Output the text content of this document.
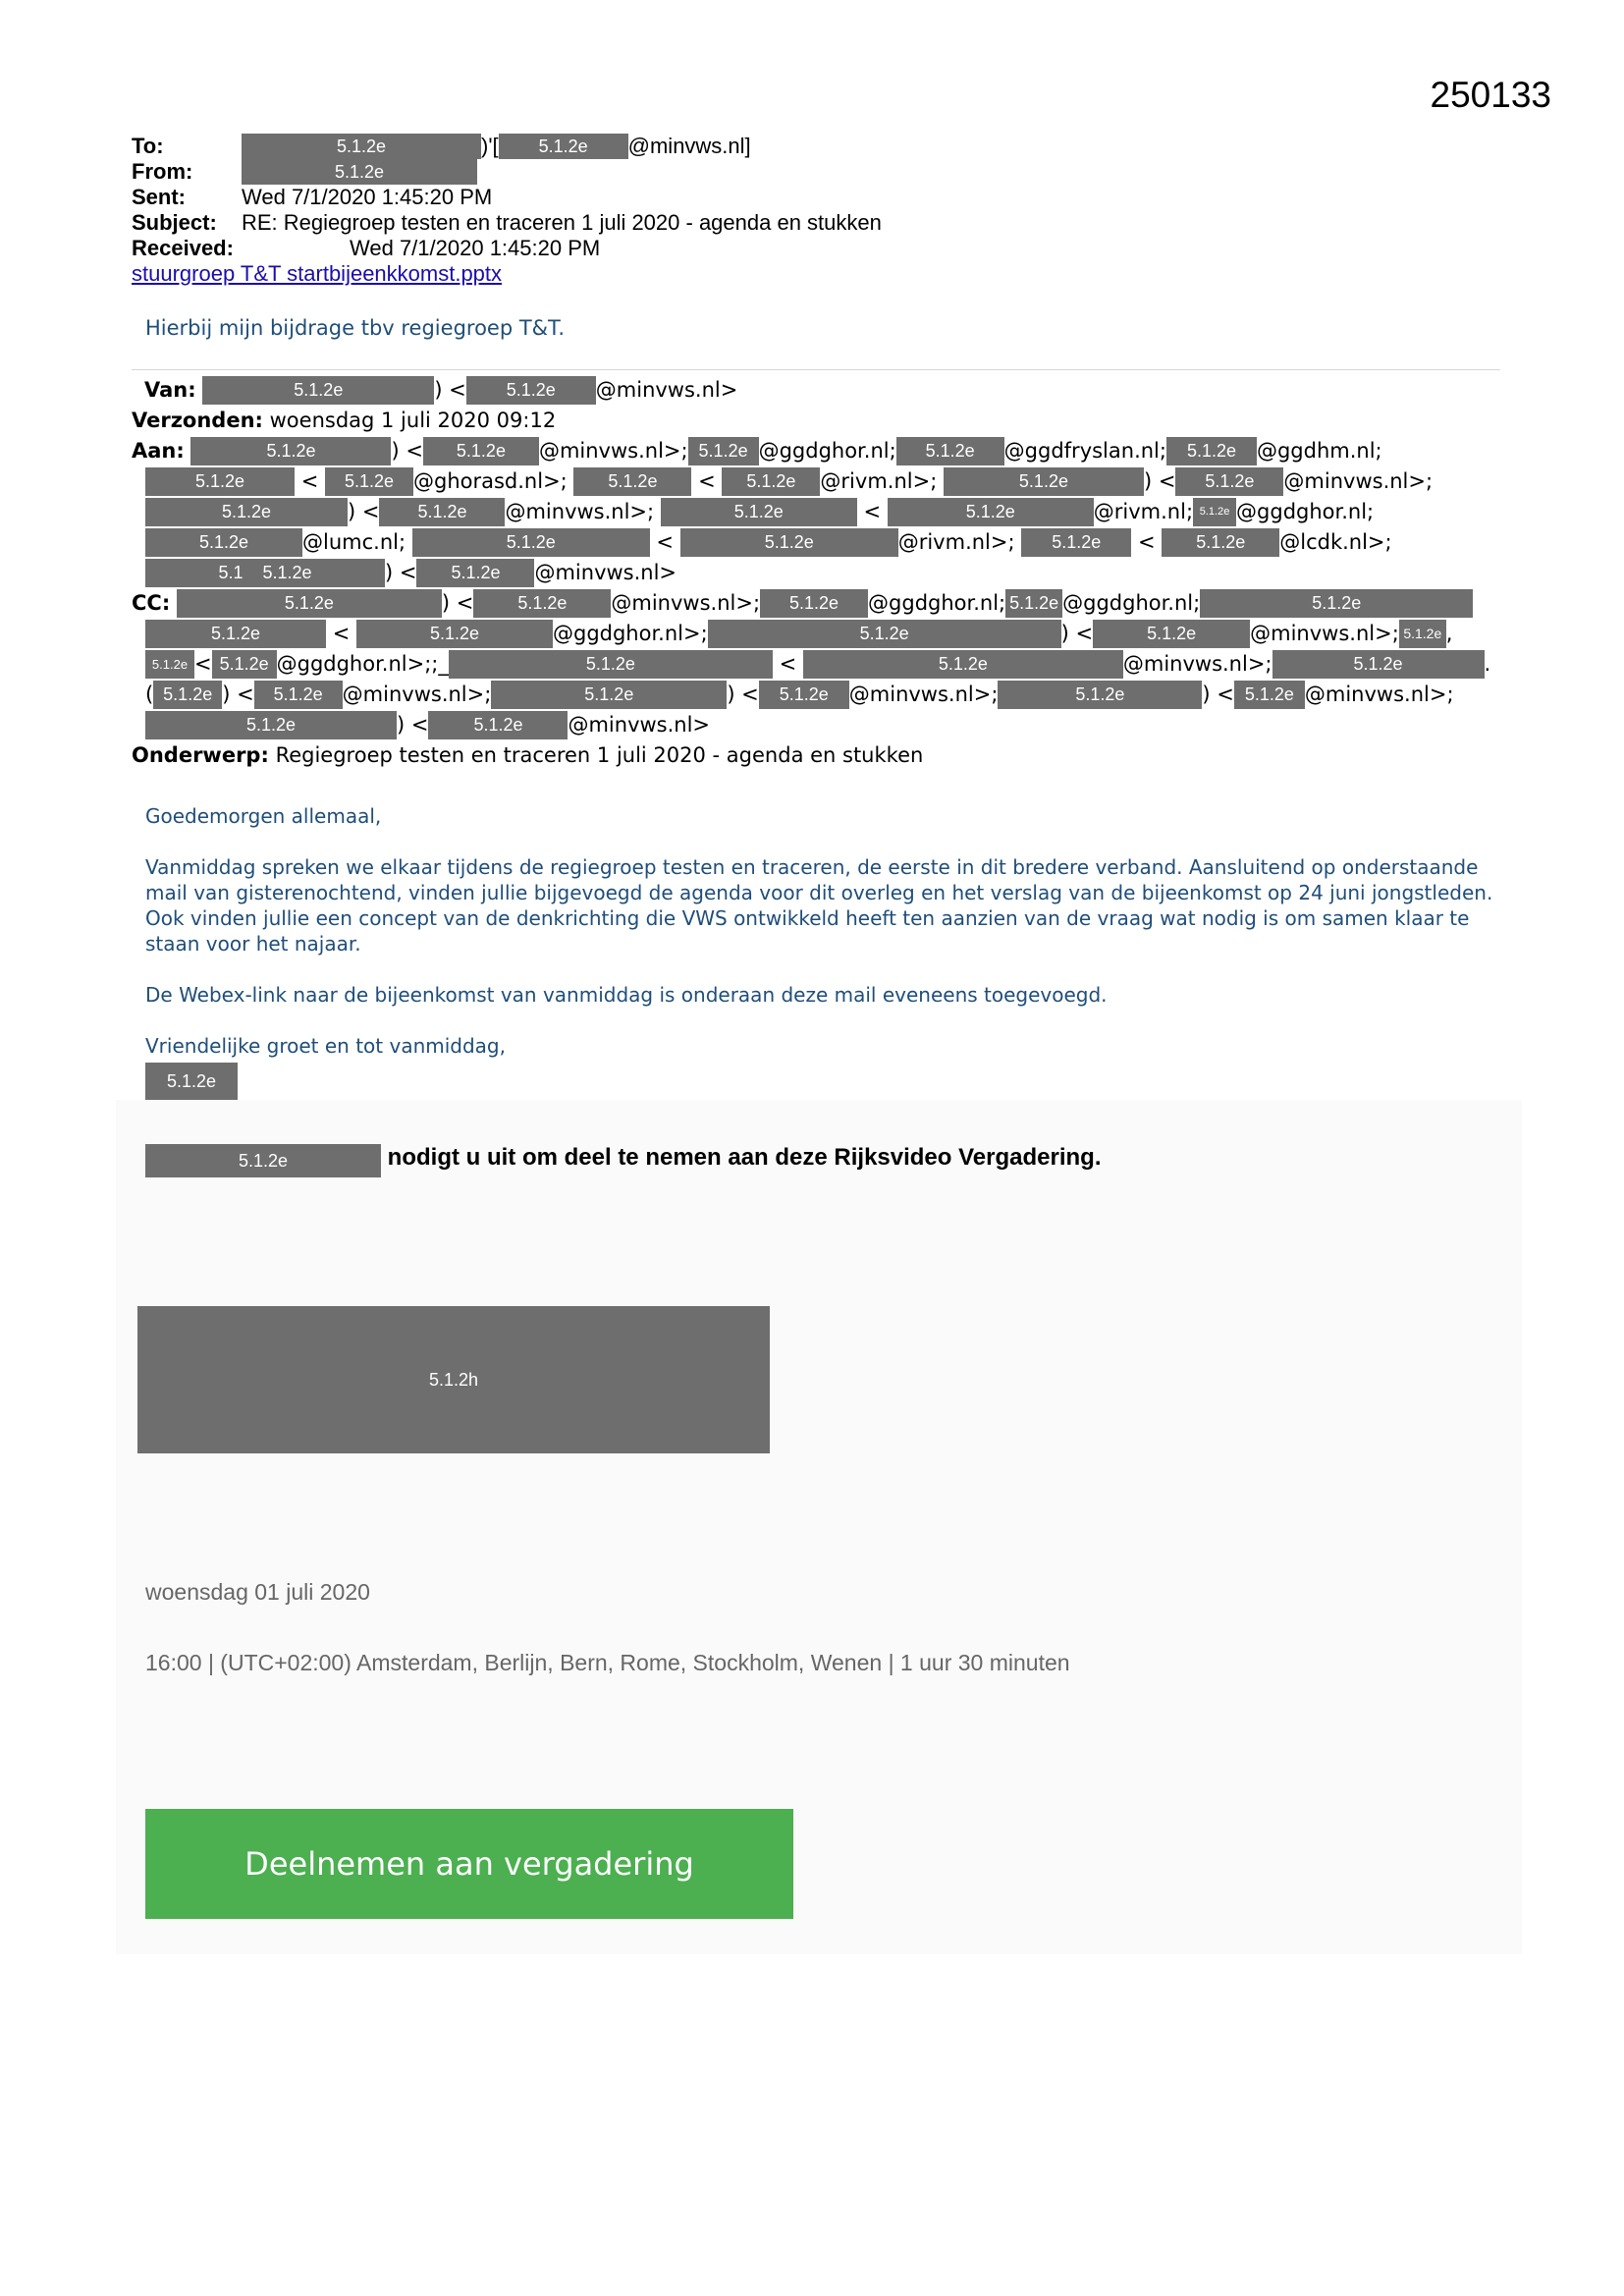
250133
To:	5.1.2e	)'[ 5.1.2e @minvws.nl]
From:	5.1.2e
Sent:	Wed 7/1/2020 1:45:20 PM
Subject: RE: Regiegroep testen en traceren 1 juli 2020 - agenda en stukken
Received:	Wed 7/1/2020 1:45:20 PM
stuurgroep T&T startbijeenkkomst.pptx
Hierbij mijn bijdrage tbv regiegroep T&T.
Van:	5.1.2e	) < 5.1.2e @minvws.nl>
Verzonden: woensdag 1 juli 2020 09:12
Aan:	5.1.2e	) < 5.1.2e @minvws.nl>; 5.1.2e @ggdghor.nl; 5.1.2e @ggdfryslan.nl; 5.1.2e @ggdhm.nl;
5.1.2e	< 5.1.2e @ghorasd.nl>; 5.1.2e < 5.1.2e @rivm.nl>;	5.1.2e	) < 5.1.2e @minvws.nl>;
5.1.2e	) < 5.1.2e @minvws.nl>;	5.1.2e	<	5.1.2e	@rivm.nl; 5.1.2e @ggdghor.nl;
5.1.2e	@lumc.nl;	5.1.2e	<	5.1.2e	@rivm.nl>; 5.1.2e < 5.1.2e @lcdk.nl>;
5.1 5.1.2e	) < 5.1.2e @minvws.nl>
CC:	5.1.2e	) < 5.1.2e @minvws.nl>; 5.1.2e @ggdghor.nl; 5.1.2e @ggdghor.nl;	5.1.2e
5.1.2e	<	5.1.2e	@ggdghor.nl>;	5.1.2e	) <	5.1.2e	@minvws.nl>; 5.1.2e ,
5.1.2e < 5.1.2e @ggdghor.nl>;;_	5.1.2e	<	5.1.2e	@minvws.nl>;	5.1.2e	.
( 5.1.2e ) < 5.1.2e @minvws.nl>;	5.1.2e	) < 5.1.2e @minvws.nl>;	5.1.2e	) < 5.1.2e @minvws.nl>;
5.1.2e	) <	5.1.2e @minvws.nl>
Onderwerp: Regiegroep testen en traceren 1 juli 2020 - agenda en stukken

Goedemorgen allemaal,

Vanmiddag spreken we elkaar tijdens de regiegroep testen en traceren, de eerste in dit bredere verband. Aansluitend op onderstaande mail van gisterenochtend, vinden jullie bijgevoegd de agenda voor dit overleg en het verslag van de bijeenkomst op 24 juni jongstleden. Ook vinden jullie een concept van de denkrichting die VWS ontwikkeld heeft ten aanzien van de vraag wat nodig is om samen klaar te staan voor het najaar.

De Webex-link naar de bijeenkomst van vanmiddag is onderaan deze mail eveneens toegevoegd.

Vriendelijke groet en tot vanmiddag,

5.1.2e
5.1.2e	nodigt u uit om deel te nemen aan deze Rijksvideo Vergadering.
5.1.2h
woensdag 01 juli 2020
16:00 | (UTC+02:00) Amsterdam, Berlijn, Bern, Rome, Stockholm, Wenen | 1 uur 30 minuten
Deelnemen aan vergadering
